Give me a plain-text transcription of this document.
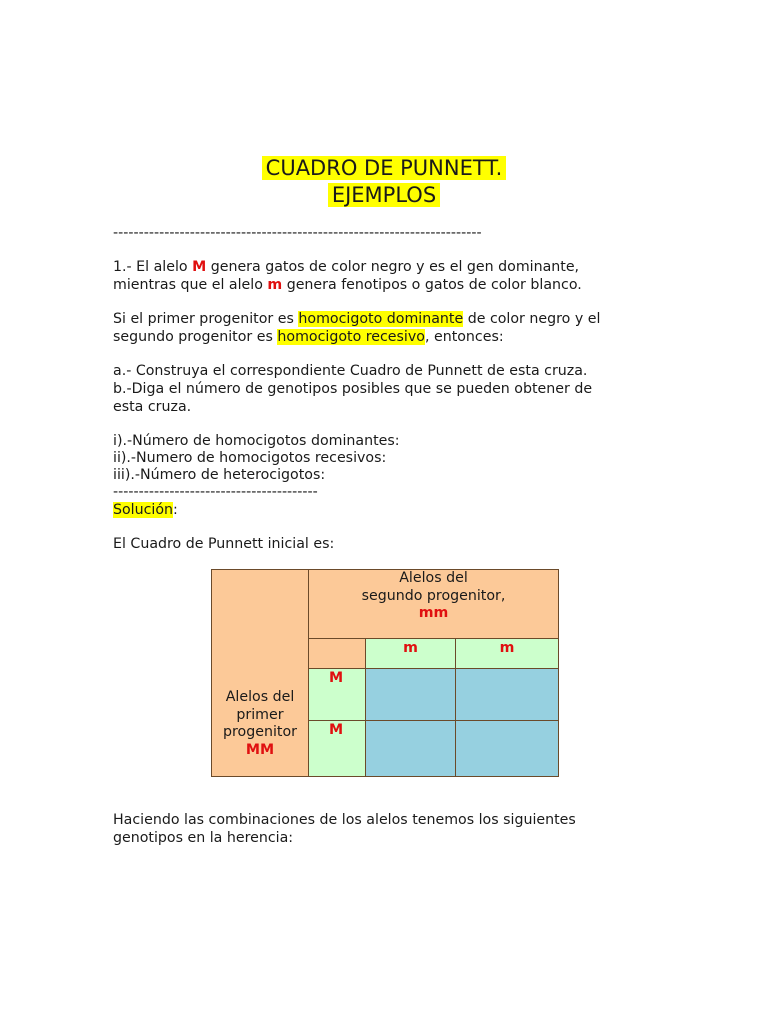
CUADRO DE PUNNETT.
EJEMPLOS
------------------------------------------------------------------------
1.- El alelo M genera gatos de color negro y es el gen dominante,
mientras que el alelo m genera fenotipos o gatos de color blanco.
Si el primer progenitor es homocigoto dominante de color negro y el
segundo progenitor es homocigoto recesivo, entonces:
a.- Construya el correspondiente Cuadro de Punnett de esta cruza.
b.-Diga el número de genotipos posibles que se pueden obtener de
esta cruza.
i).-Número de homocigotos dominantes:
ii).-Numero de homocigotos recesivos:
iii).-Número de heterocigotos:
----------------------------------------
Solución:
El Cuadro de Punnett inicial es:
Alelos del
primer
progenitor
MM
Alelos del
segundo progenitor,
mm
m	m
M
M
Haciendo las combinaciones de los alelos tenemos los siguientes
genotipos en la herencia:
